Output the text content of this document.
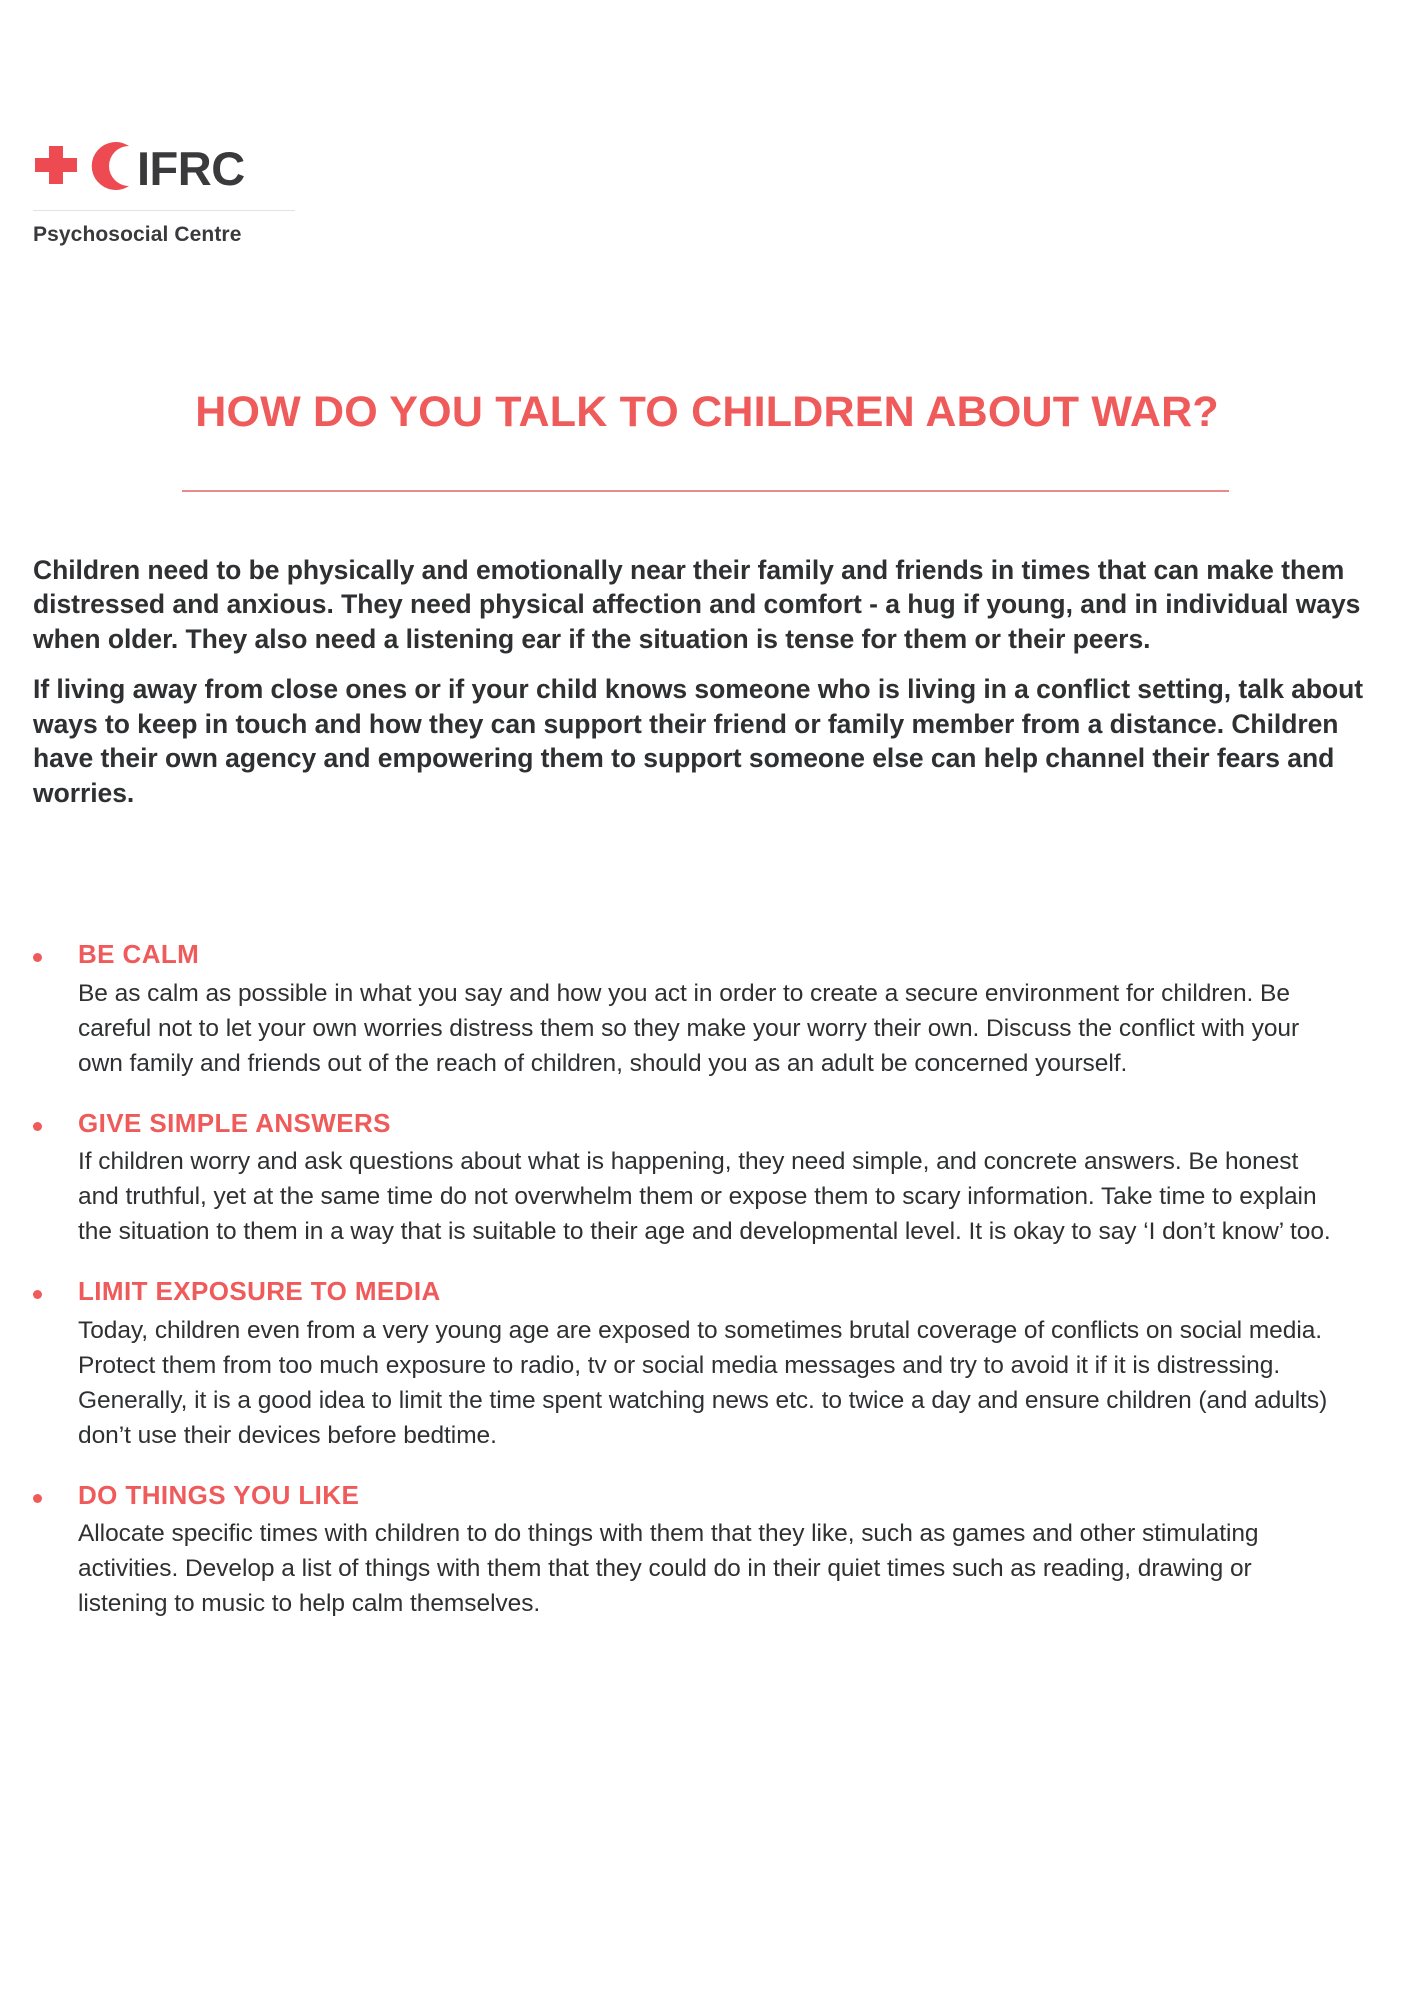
IFRC
Psychosocial Centre
HOW DO YOU TALK TO CHILDREN ABOUT WAR?

Children need to be physically and emotionally near their family and friends in times that can make them distressed and anxious. They need physical affection and comfort - a hug if young, and in individual ways when older. They also need a listening ear if the situation is tense for them or their peers.

If living away from close ones or if your child knows someone who is living in a conflict setting, talk about ways to keep in touch and how they can support their friend or family member from a distance. Children have their own agency and empowering them to support someone else can help channel their fears and worries.

BE CALM

Be as calm as possible in what you say and how you act in order to create a secure environment for children. Be careful not to let your own worries distress them so they make your worry their own. Discuss the conflict with your own family and friends out of the reach of children, should you as an adult be concerned yourself.

GIVE SIMPLE ANSWERS

If children worry and ask questions about what is happening, they need simple, and concrete answers. Be honest and truthful, yet at the same time do not overwhelm them or expose them to scary information. Take time to explain the situation to them in a way that is suitable to their age and developmental level. It is okay to say ‘I don’t know’ too.

LIMIT EXPOSURE TO MEDIA

Today, children even from a very young age are exposed to sometimes brutal coverage of conflicts on social media. Protect them from too much exposure to radio, tv or social media messages and try to avoid it if it is distressing. Generally, it is a good idea to limit the time spent watching news etc. to twice a day and ensure children (and adults) don’t use their devices before bedtime.

DO THINGS YOU LIKE

Allocate specific times with children to do things with them that they like, such as games and other stimulating activities. Develop a list of things with them that they could do in their quiet times such as reading, drawing or listening to music to help calm themselves.
